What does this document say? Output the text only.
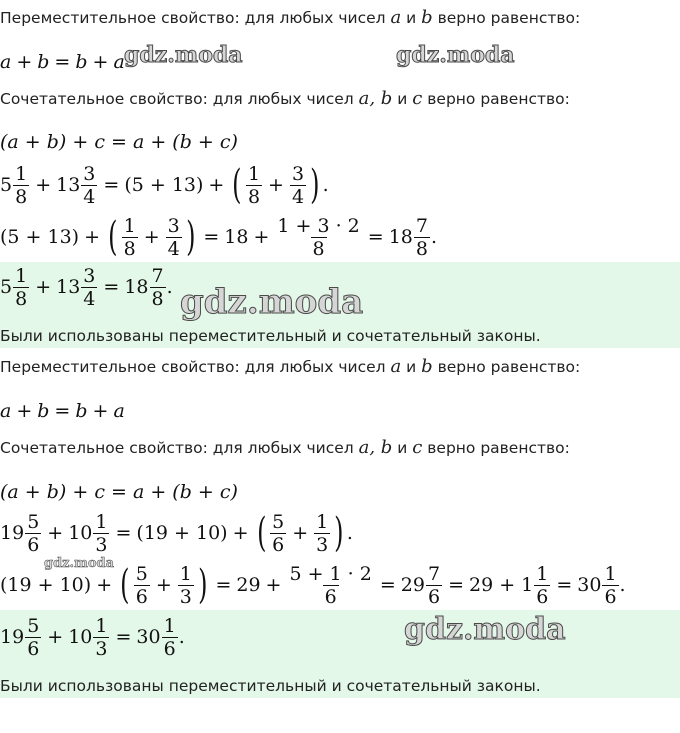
Переместительное свойство: для любых чисел a и b верно равенство:
a + b = b + a gdz.moda	gdz.moda
Сочетательное свойство: для любых чисел a, b и c верно равенство:
(a + b) + c = a + (b + c)
$5 \frac{1}{8} + 13 \frac{3}{4} = (5 + 13)$ + ( $\frac{1}{8} + \frac{3}{4}$ ) .
(5 + 13) + ( $\frac{1}{8} + \frac{3}{4}$ ) = $18 + \frac{1 + 3 \cdot 2}{8} = 18 \frac{7}{8}$ .
$5 \frac{1}{8} + 13 \frac{3}{4} = 18 \frac{7}{8}$ . gdz.moda
Были использованы переместительный и сочетательный законы.
Переместительное свойство: для любых чисел a и b верно равенство:
a + b = b + a
Сочетательное свойство: для любых чисел a, b и c верно равенство:
(a + b) + c = a + (b + c)
$19 \frac{5}{6} + 10 \frac{1}{3} = (19 + 10)$ + ( $\frac{5}{6} + \frac{1}{3}$ ) .
(19 + 10) + ( $\frac{5}{6} + \frac{1}{3}$ ) = $29 + \frac{5 + 1 \cdot 2}{6} = 29 \frac{7}{6} = 29 + 1 \frac{1}{6} = 30 \frac{1}{6}$ .
gdz.moda
$19 \frac{5}{6} + 10 \frac{1}{3} = 30 \frac{1}{6}$ .	gdz.moda
Были использованы переместительный и сочетательный законы.
